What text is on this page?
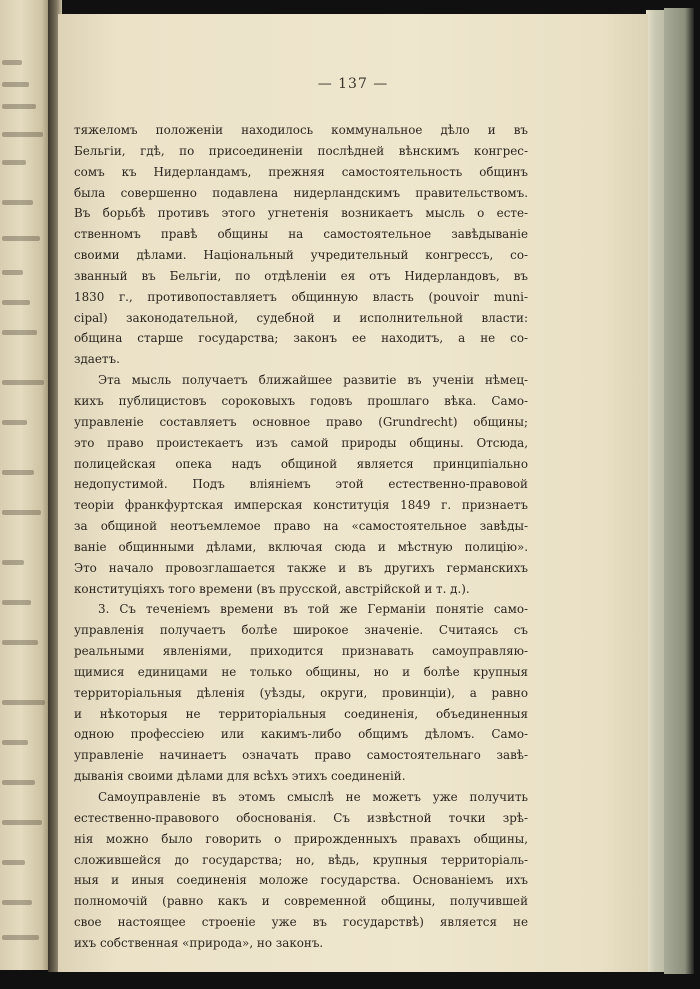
— 137 —
тяжеломъ положенiи находилось коммунальное дѣло и въ
Бельгiи, гдѣ, по присоединенiи послѣдней вѣнскимъ конгрес-
сомъ къ Нидерландамъ, прежняя самостоятельность общинъ
была совершенно подавлена нидерландскимъ правительствомъ.
Въ борьбѣ противъ этого угнетенiя возникаетъ мысль о есте-
ственномъ правѣ общины на самостоятельное завѣдыванiе
своими дѣлами. Нацiональный учредительный конгрессъ, со-
званный въ Бельгiи, по отдѣленiи ея отъ Нидерландовъ, въ
1830 г., противопоставляетъ общинную власть (pouvoir muni-
cipal) законодательной, судебной и исполнительной власти:
община старше государства; законъ ее находитъ, а не со-
здаетъ.
Эта мысль получаетъ ближайшее развитiе въ ученiи нѣмец-
кихъ публицистовъ сороковыхъ годовъ прошлаго вѣка. Само-
управленiе составляетъ основное право (Grundrecht) общины;
это право проистекаетъ изъ самой природы общины. Отсюда,
полицейская опека надъ общиной является принципiально
недопустимой. Подъ влiянiемъ этой естественно-правовой
теорiи франкфуртская имперская конституцiя 1849 г. признаетъ
за общиной неотъемлемое право на «самостоятельное завѣды-
ванiе общинными дѣлами, включая сюда и мѣстную полицiю».
Это начало провозглашается также и въ другихъ германскихъ
конституцiяхъ того времени (въ прусской, австрiйской и т. д.).
3. Съ теченiемъ времени въ той же Германiи понятiе само-
управленiя получаетъ болѣе широкое значенiе. Считаясь съ
реальными явленiями, приходится признавать самоуправляю-
щимися единицами не только общины, но и болѣе крупныя
территорiальныя дѣленiя (уѣзды, округи, провинцiи), а равно
и нѣкоторыя не территорiальныя соединенiя, объединенныя
одною профессiею или какимъ-либо общимъ дѣломъ. Само-
управленiе начинаетъ означать право самостоятельнаго завѣ-
дыванiя своими дѣлами для всѣхъ этихъ соединенiй.
Самоуправленiе въ этомъ смыслѣ не можетъ уже получить
естественно-правового обоснованiя. Съ извѣстной точки зрѣ-
нiя можно было говорить о прирожденныхъ правахъ общины,
сложившейся до государства; но, вѣдь, крупныя территорiаль-
ныя и иныя соединенiя моложе государства. Основанiемъ ихъ
полномочiй (равно какъ и современной общины, получившей
свое настоящее строенiе уже въ государствѣ) является не
ихъ собственная «природа», но законъ.
